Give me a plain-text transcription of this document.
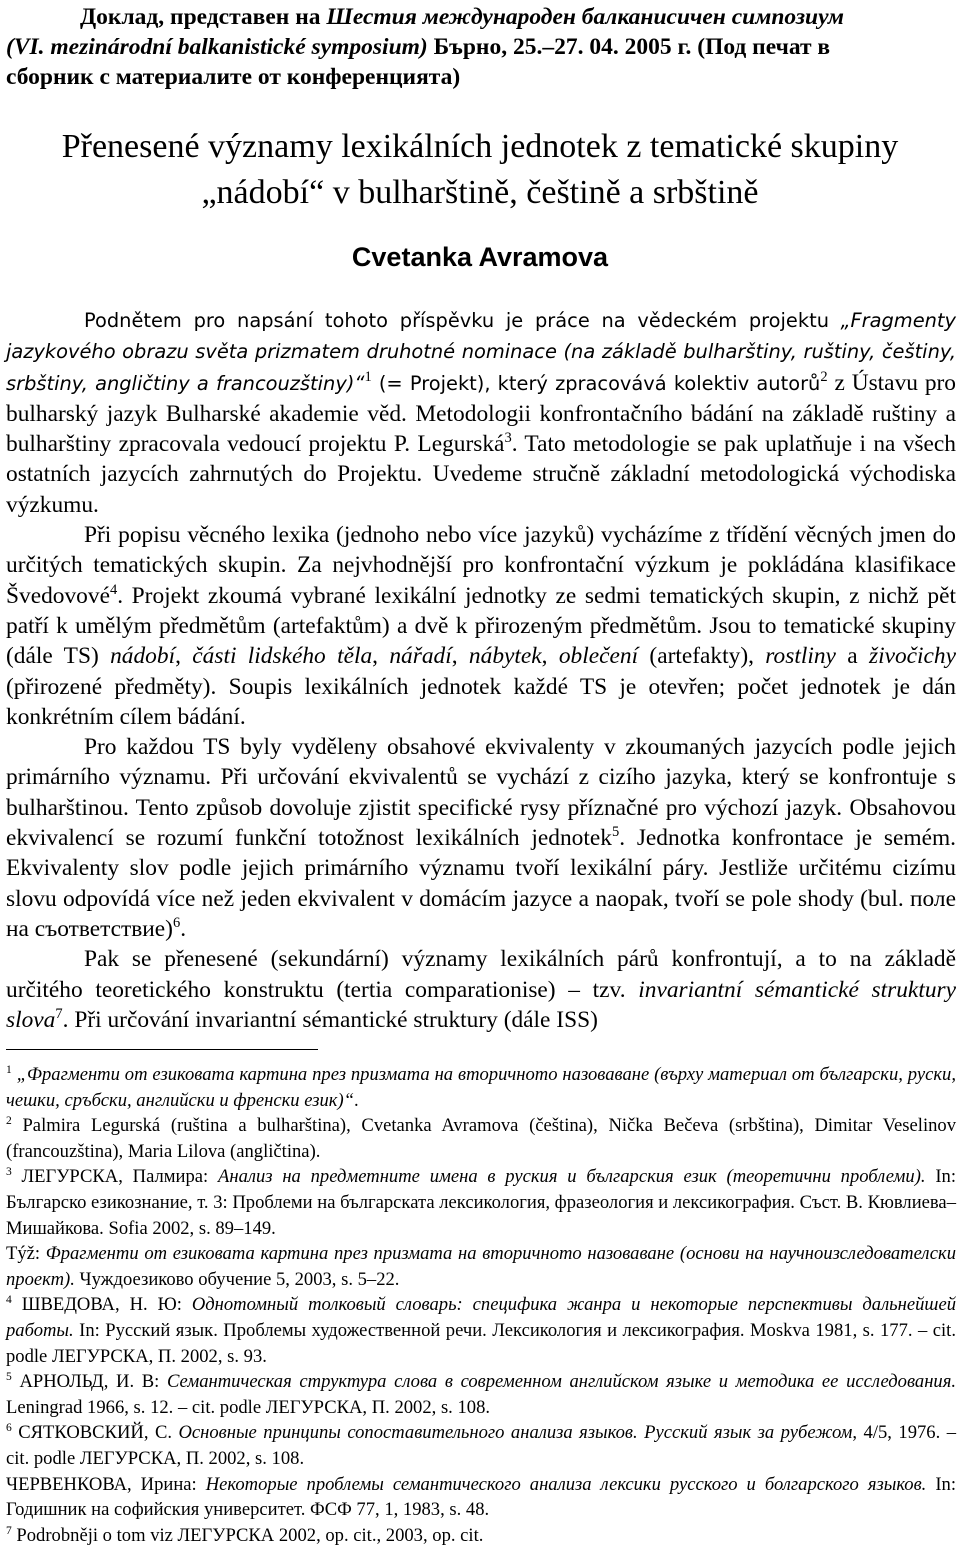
Доклад, представен на Шестия международен балканисичен симпозиум
(VI. mezinárodní balkanistické symposium) Бърно, 25.–27. 04. 2005 г. (Под печат в
сборник с материалите от конференцията)
Přenesené významy lexikálních jednotek z tematické skupiny
„nádobí“ v bulharštině, češtině a srbštině
Cvetanka Avramova

Podnětem pro napsání tohoto příspěvku je práce na vědeckém projektu „Fragmenty jazykového obrazu světa prizmatem druhotné nominace (na základě bulharštiny, ruštiny, češtiny, srbštiny, angličtiny a francouzštiny)“$^1$ (= Projekt), který zpracovává kolektiv autorů$^2$ z Ústavu pro bulharský jazyk Bulharské akademie věd. Metodologii konfrontačního bádání na základě ruštiny a bulharštiny zpracovala vedoucí projektu P. Legurská$^3$. Tato metodologie se pak uplatňuje i na všech ostatních jazycích zahrnutých do Projektu. Uvedeme stručně základní metodologická východiska výzkumu.

Při popisu věcného lexika (jednoho nebo více jazyků) vycházíme z třídění věcných jmen do určitých tematických skupin. Za nejvhodnější pro konfrontační výzkum je pokládána klasifikace Švedovové$^4$. Projekt zkoumá vybrané lexikální jednotky ze sedmi tematických skupin, z nichž pět patří k umělým předmětům (artefaktům) a dvě k přirozeným předmětům. Jsou to tematické skupiny (dále TS) nádobí, části lidského těla, nářadí, nábytek, oblečení (artefakty), rostliny a živočichy (přirozené předměty). Soupis lexikálních jednotek každé TS je otevřen; počet jednotek je dán konkrétním cílem bádání.

Pro každou TS byly vyděleny obsahové ekvivalenty v zkoumaných jazycích podle jejich primárního významu. Při určování ekvivalentů se vychází z cizího jazyka, který se konfrontuje s bulharštinou. Tento způsob dovoluje zjistit specifické rysy příznačné pro výchozí jazyk. Obsahovou ekvivalencí se rozumí funkční totožnost lexikálních jednotek$^5$. Jednotka konfrontace je semém. Ekvivalenty slov podle jejich primárního významu tvoří lexikální páry. Jestliže určitému cizímu slovu odpovídá více než jeden ekvivalent v domácím jazyce a naopak, tvoří se pole shody (bul. поле на съответствие)$^6$.

Pak se přenesené (sekundární) významy lexikálních párů konfrontují, a to na základě určitého teoretického konstruktu (tertia comparationise) – tzv. invariantní sémantické struktury slova$^7$. Při určování invariantní sémantické struktury (dále ISS)

$^1$ „Фрагменти от езиковата картина през призмата на вторичното назоваване (върху материал от български, руски, чешки, сръбски, английски и френски език)“.

$^2$ Palmira Legurská (ruština a bulharština), Cvetanka Avramova (čeština), Nička Bečeva (srbština), Dimitar Veselinov (francouzština), Maria Lilova (angličtina).

$^3$ ЛЕГУРСКА, Палмира: Анализ на предметните имена в руския и българския език (теоретични проблеми). In: Българско езикознание, т. 3: Проблеми на българската лексикология, фразеология и лексикография. Съст. В. Кювлиева–Мишайкова. Sofia 2002, s. 89–149.

Týž: Фрагменти от езиковата картина през призмата на вторичното назоваване (основи на научноизследователски проект). Чуждоезиково обучение 5, 2003, s. 5–22.

$^4$ ШВЕДОВА, Н. Ю: Однотомный толковый словарь: специфика жанра и некоторые перспективы дальнейшей работы. In: Русский язык. Проблемы художественной речи. Лексикология и лексикография. Moskva 1981, s. 177. – cit. podle ЛЕГУРСКА, П. 2002, s. 93.

$^5$ АРНОЛЬД, И. В: Семантическая структура слова в современном английском языке и методика ее исследования. Leningrad 1966, s. 12. – cit. podle ЛЕГУРСКА, П. 2002, s. 108.

$^6$ СЯТКОВСКИЙ, С. Основные принципы сопоставительного анализа языков. Русский язык за рубежом, 4/5, 1976. – cit. podle ЛЕГУРСКА, П. 2002, s. 108.

ЧЕРВЕНКОВА, Ирина: Некоторые проблемы семантического анализа лексики русского и болгарского языков. In: Годишник на софийския университет. ФСФ 77, 1, 1983, s. 48.

$^7$ Podrobněji o tom viz ЛЕГУРСКА 2002, op. cit., 2003, op. cit.
